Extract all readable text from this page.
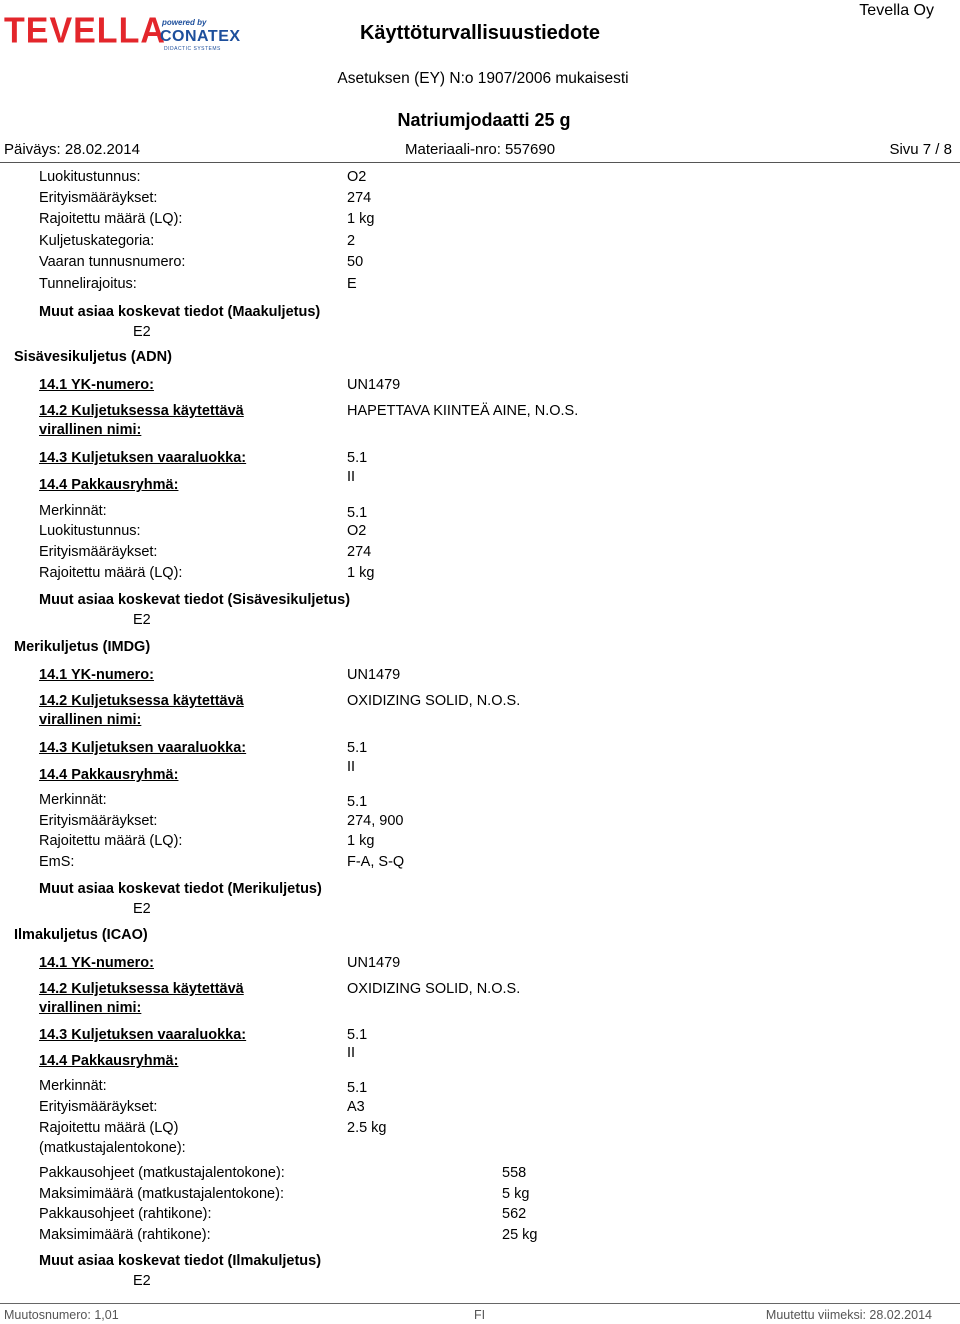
TEVELLA
powered by
CONATEX
DIDACTIC SYSTEMS
Tevella Oy
Käyttöturvallisuustiedote
Asetuksen (EY) N:o 1907/2006 mukaisesti
Natriumjodaatti 25 g
Päiväys: 28.02.2014	Materiaali-nro: 557690	Sivu 7 / 8
Luokitustunnus:	O2
Erityismääräykset:	274
Rajoitettu määrä (LQ):	1 kg
Kuljetuskategoria:	2
Vaaran tunnusnumero:	50
Tunnelirajoitus:	E
Muut asiaa koskevat tiedot (Maakuljetus)
E2
Sisävesikuljetus (ADN)
14.1 YK-numero:	UN1479
14.2 Kuljetuksessa käytettävä
virallinen nimi:
HAPETTAVA KIINTEÄ AINE, N.O.S.
14.3 Kuljetuksen vaaraluokka:	5.1
14.4 Pakkausryhmä:	II
Merkinnät:	5.1
Luokitustunnus:	O2
Erityismääräykset:	274
Rajoitettu määrä (LQ):	1 kg
Muut asiaa koskevat tiedot (Sisävesikuljetus)
E2
Merikuljetus (IMDG)
14.1 YK-numero:	UN1479
14.2 Kuljetuksessa käytettävä
virallinen nimi:
OXIDIZING SOLID, N.O.S.
14.3 Kuljetuksen vaaraluokka:	5.1
14.4 Pakkausryhmä:	II
Merkinnät:	5.1
Erityismääräykset:	274, 900
Rajoitettu määrä (LQ):	1 kg
EmS:	F-A, S-Q
Muut asiaa koskevat tiedot (Merikuljetus)
E2
Ilmakuljetus (ICAO)
14.1 YK-numero:	UN1479
14.2 Kuljetuksessa käytettävä
virallinen nimi:
OXIDIZING SOLID, N.O.S.
14.3 Kuljetuksen vaaraluokka:	5.1
14.4 Pakkausryhmä:	II
Merkinnät:	5.1
Erityismääräykset:	A3
Rajoitettu määrä (LQ)	2.5 kg
(matkustajalentokone):
Pakkausohjeet (matkustajalentokone):	558
Maksimimäärä (matkustajalentokone):	5 kg
Pakkausohjeet (rahtikone):	562
Maksimimäärä (rahtikone):	25 kg
Muut asiaa koskevat tiedot (Ilmakuljetus)
E2
Muutosnumero: 1,01	FI	Muutettu viimeksi: 28.02.2014
